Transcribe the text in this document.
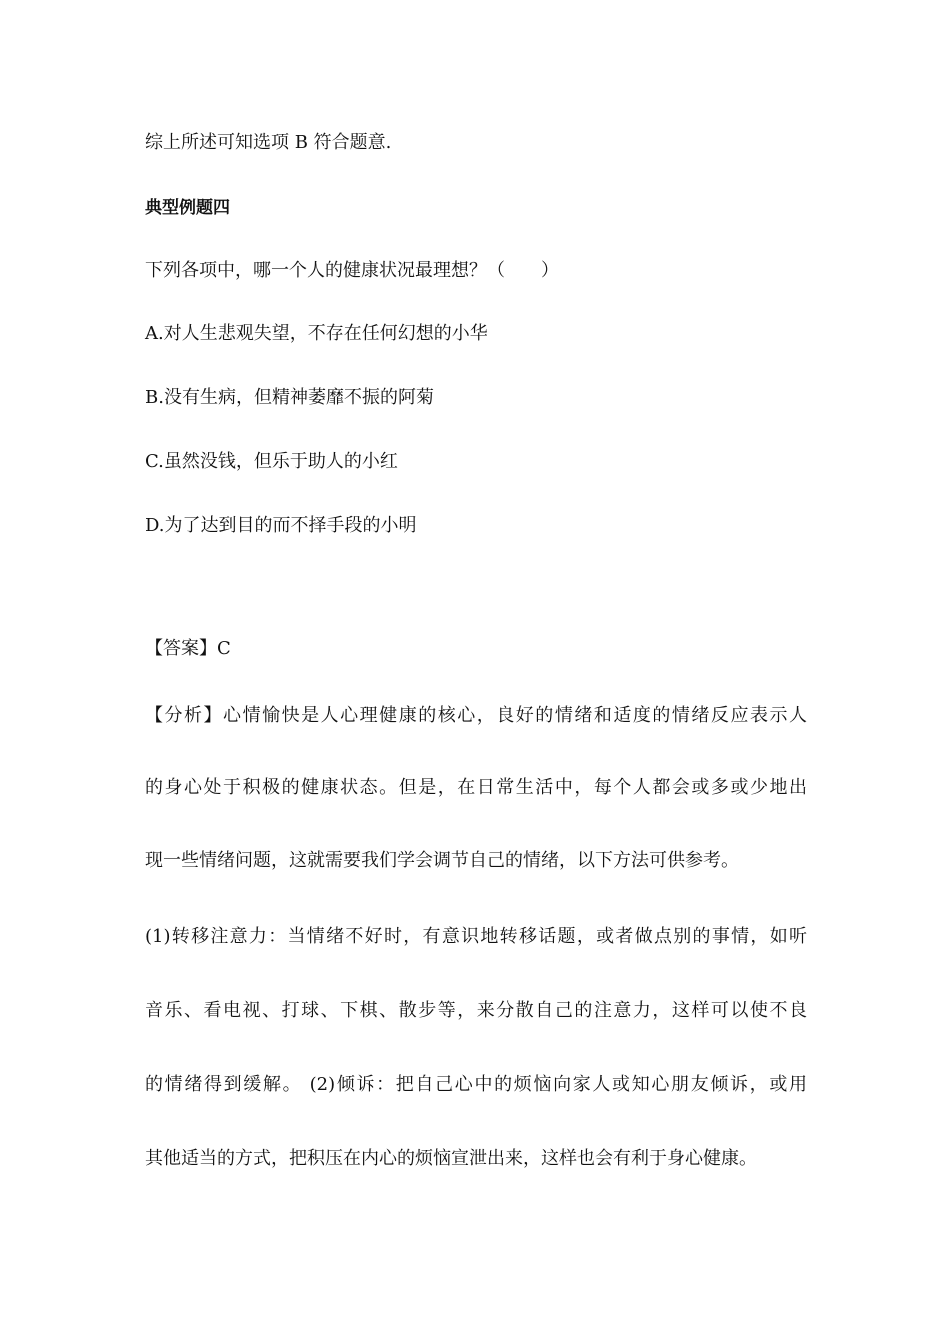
综上所述可知选项 B 符合题意.

典型例题四

下列各项中，哪一个人的健康状况最理想？（　　）

A.对人生悲观失望，不存在任何幻想的小华

B.没有生病，但精神萎靡不振的阿菊

C.虽然没钱，但乐于助人的小红

D.为了达到目的而不择手段的小明

【答案】C

【分析】心情愉快是人心理健康的核心，良好的情绪和适度的情绪反应表示人

的身心处于积极的健康状态。但是，在日常生活中，每个人都会或多或少地出

现一些情绪问题，这就需要我们学会调节自己的情绪，以下方法可供参考。

(1)转移注意力：当情绪不好时，有意识地转移话题，或者做点别的事情，如听

音乐、看电视、打球、下棋、散步等，来分散自己的注意力，这样可以使不良

的情绪得到缓解。 (2)倾诉：把自己心中的烦恼向家人或知心朋友倾诉，或用

其他适当的方式，把积压在内心的烦恼宣泄出来，这样也会有利于身心健康。
